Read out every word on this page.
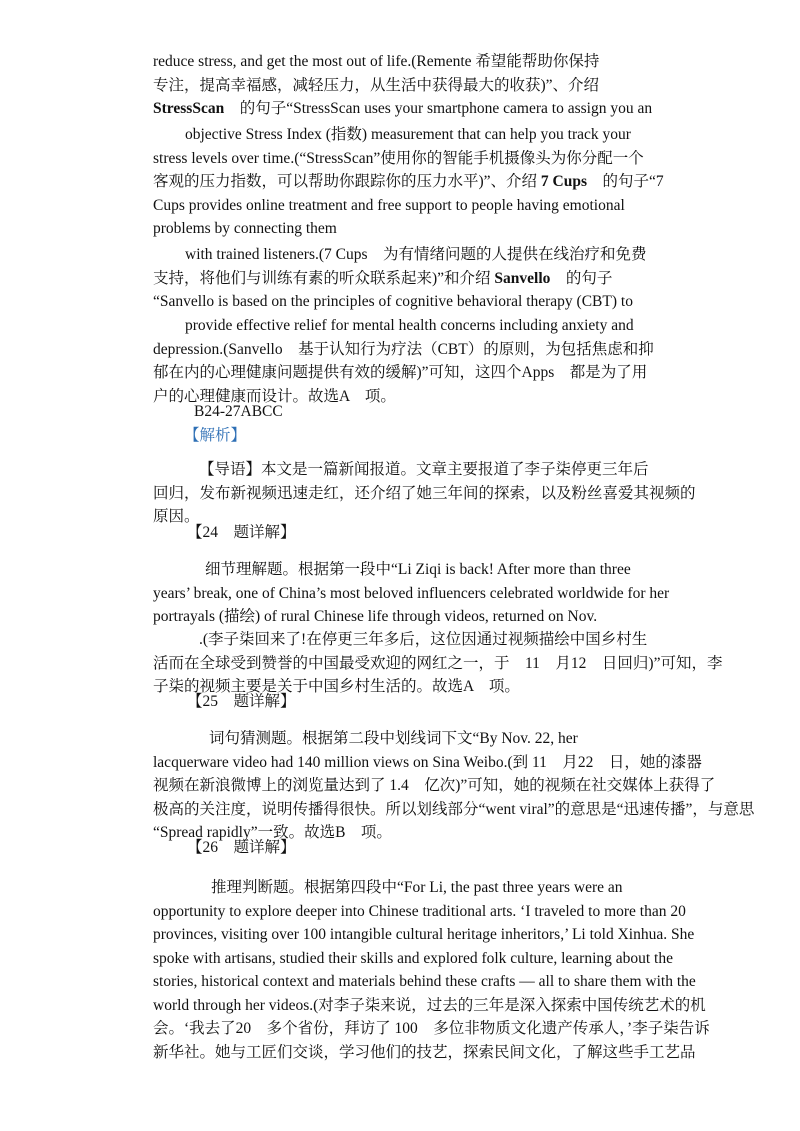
reduce stress, and get the most out of life.(Remente 希望能帮助你保持
专注，提高幸福感，减轻压力，从生活中获得最大的收获)”、介绍
StressScan　的句子“StressScan uses your smartphone camera to assign you an
objective Stress Index (指数) measurement that can help you track your
stress levels over time.(“StressScan”使用你的智能手机摄像头为你分配一个
客观的压力指数，可以帮助你跟踪你的压力水平)”、介绍 7 Cups　的句子“7
Cups provides online treatment and free support to people having emotional
problems by connecting them
with trained listeners.(7 Cups　为有情绪问题的人提供在线治疗和免费
支持，将他们与训练有素的听众联系起来)”和介绍 Sanvello　的句子
“Sanvello is based on the principles of cognitive behavioral therapy (CBT) to
provide effective relief for mental health concerns including anxiety and
depression.(Sanvello　基于认知行为疗法（CBT）的原则，为包括焦虑和抑
郁在内的心理健康问题提供有效的缓解)”可知，这四个Apps　都是为了用
户的心理健康而设计。故选A　项。
B24-27ABCC
【解析】
【导语】本文是一篇新闻报道。文章主要报道了李子柒停更三年后
回归，发布新视频迅速走红，还介绍了她三年间的探索，以及粉丝喜爱其视频的
原因。
【24　题详解】
细节理解题。根据第一段中“Li Ziqi is back! After more than three
years’ break, one of China’s most beloved influencers celebrated worldwide for her
portrayals (描绘) of rural Chinese life through videos, returned on Nov.
.(李子柒回来了!在停更三年多后，这位因通过视频描绘中国乡村生
活而在全球受到赞誉的中国最受欢迎的网红之一，于　11　月12　日回归)”可知，李
子柒的视频主要是关于中国乡村生活的。故选A　项。
【25　题详解】
词句猜测题。根据第二段中划线词下文“By Nov. 22, her
lacquerware video had 140 million views on Sina Weibo.(到 11　月22　日，她的漆器
视频在新浪微博上的浏览量达到了 1.4　亿次)”可知，她的视频在社交媒体上获得了
极高的关注度，说明传播得很快。所以划线部分“went viral”的意思是“迅速传播”，与意思
“Spread rapidly”一致。故选B　项。
【26　题详解】
推理判断题。根据第四段中“For Li, the past three years were an
opportunity to explore deeper into Chinese traditional arts. ‘I traveled to more than 20
provinces, visiting over 100 intangible cultural heritage inheritors,’ Li told Xinhua. She
spoke with artisans, studied their skills and explored folk culture, learning about the
stories, historical context and materials behind these crafts — all to share them with the
world through her videos.(对李子柒来说，过去的三年是深入探索中国传统艺术的机
会。‘我去了20　多个省份，拜访了 100　多位非物质文化遗产传承人，’李子柒告诉
新华社。她与工匠们交谈，学习他们的技艺，探索民间文化，了解这些手工艺品
